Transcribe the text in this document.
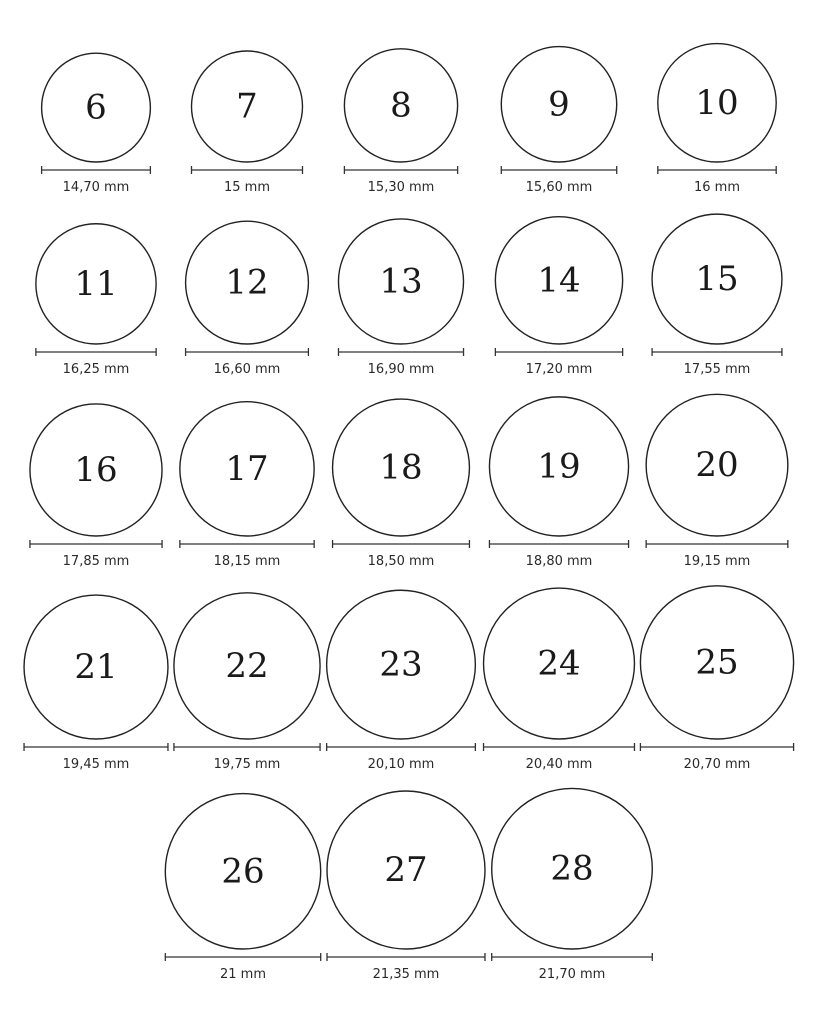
6
14,70 mm
7
15 mm
8
15,30 mm
9
15,60 mm
10
16 mm
11
16,25 mm
12
16,60 mm
13
16,90 mm
14
17,20 mm
15
17,55 mm
16
17,85 mm
17
18,15 mm
18
18,50 mm
19
18,80 mm
20
19,15 mm
21
19,45 mm
22
19,75 mm
23
20,10 mm
24
20,40 mm
25
20,70 mm
26
21 mm
27
21,35 mm
28
21,70 mm
